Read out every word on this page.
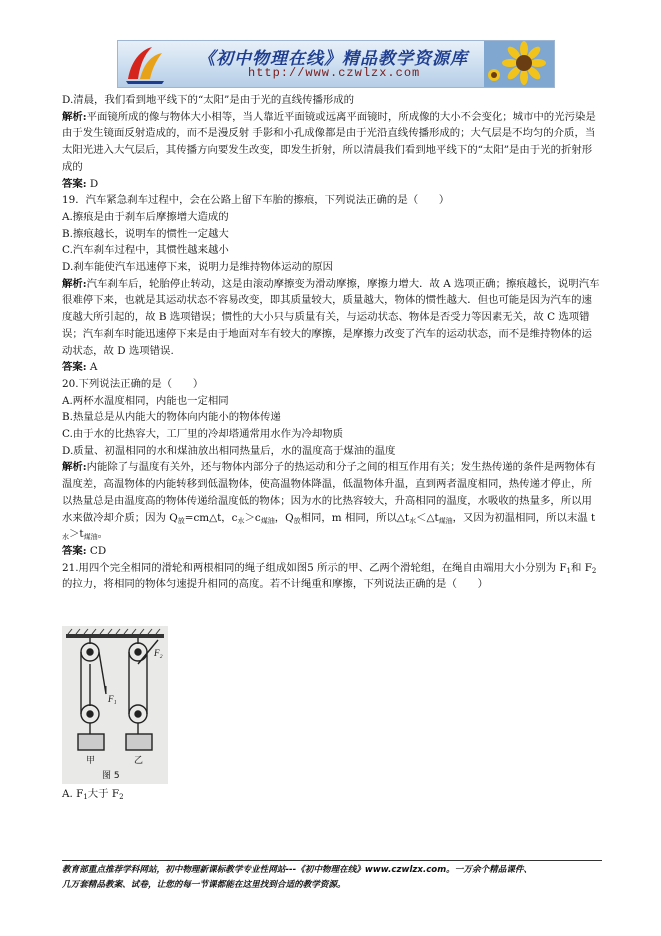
《初中物理在线》精品教学资源库
http://www.czwlzx.com

D.清晨，我们看到地平线下的“太阳”是由于光的直线传播形成的

解析:平面镜所成的像与物体大小相等，当人靠近平面镜或远离平面镜时，所成像的大小不会变化；城市中的光污染是由于发生镜面反射造成的，而不是漫反射 手影和小孔成像都是由于光沿直线传播形成的；大气层是不均匀的介质，当太阳光进入大气层后，其传播方向要发生改变，即发生折射，所以清晨我们看到地平线下的“太阳”是由于光的折射形成的

答案: D

19．汽车紧急刹车过程中，会在公路上留下车胎的擦痕，下列说法正确的是（　　）

A.擦痕是由于刹车后摩擦增大造成的

B.擦痕越长，说明车的惯性一定越大

C.汽车刹车过程中，其惯性越来越小

D.刹车能使汽车迅速停下来，说明力是维持物体运动的原因

解析:汽车刹车后，轮胎停止转动，这是由滚动摩擦变为滑动摩擦，摩擦力增大．故 A 选项正确；擦痕越长，说明汽车很难停下来，也就是其运动状态不容易改变，即其质量较大，质量越大，物体的惯性越大．但也可能是因为汽车的速度越大所引起的，故 B 选项错误；惯性的大小只与质量有关，与运动状态、物体是否受力等因素无关，故 C 选项错误；汽车刹车时能迅速停下来是由于地面对车有较大的摩擦，是摩擦力改变了汽车的运动状态，而不是维持物体的运动状态，故 D 选项错误.

答案: A

20.下列说法正确的是（　　）

A.两杯水温度相同，内能也一定相同

B.热量总是从内能大的物体向内能小的物体传递

C.由于水的比热容大，工厂里的冷却塔通常用水作为冷却物质

D.质量、初温相同的水和煤油放出相同热量后，水的温度高于煤油的温度

解析:内能除了与温度有关外，还与物体内部分子的热运动和分子之间的相互作用有关；发生热传递的条件是两物体有温度差，高温物体的内能转移到低温物体，使高温物体降温，低温物体升温，直到两者温度相同，热传递才停止，所以热量总是由温度高的物体传递给温度低的物体；因为水的比热容较大，升高相同的温度，水吸收的热量多，所以用水来做冷却介质；因为 $Q_放=cm\triangle t$，$c_水>c_{煤油}$，$Q_放$相同，m 相同，所以$\triangle t_水<\triangle t_{煤油}$，又因为初温相同，所以末温 $t_水>t_{煤油}$。

答案: CD

21.用四个完全相同的滑轮和两根相同的绳子组成如图5 所示的甲、乙两个滑轮组，在绳自由端用大小分别为 $F_1$和 $F_2$的拉力，将相同的物体匀速提升相同的高度。若不计绳重和摩擦，下列说法正确的是（　　）

F₁
F₂
甲	乙
图 5
A. $F_1$大于 $F_2$
教育部重点推荐学科网站，初中物理新课标教学专业性网站---《初中物理在线》www.czwlzx.com。一万余个精品课件、
几万套精品教案、试卷，让您的每一节课都能在这里找到合适的教学资源。
